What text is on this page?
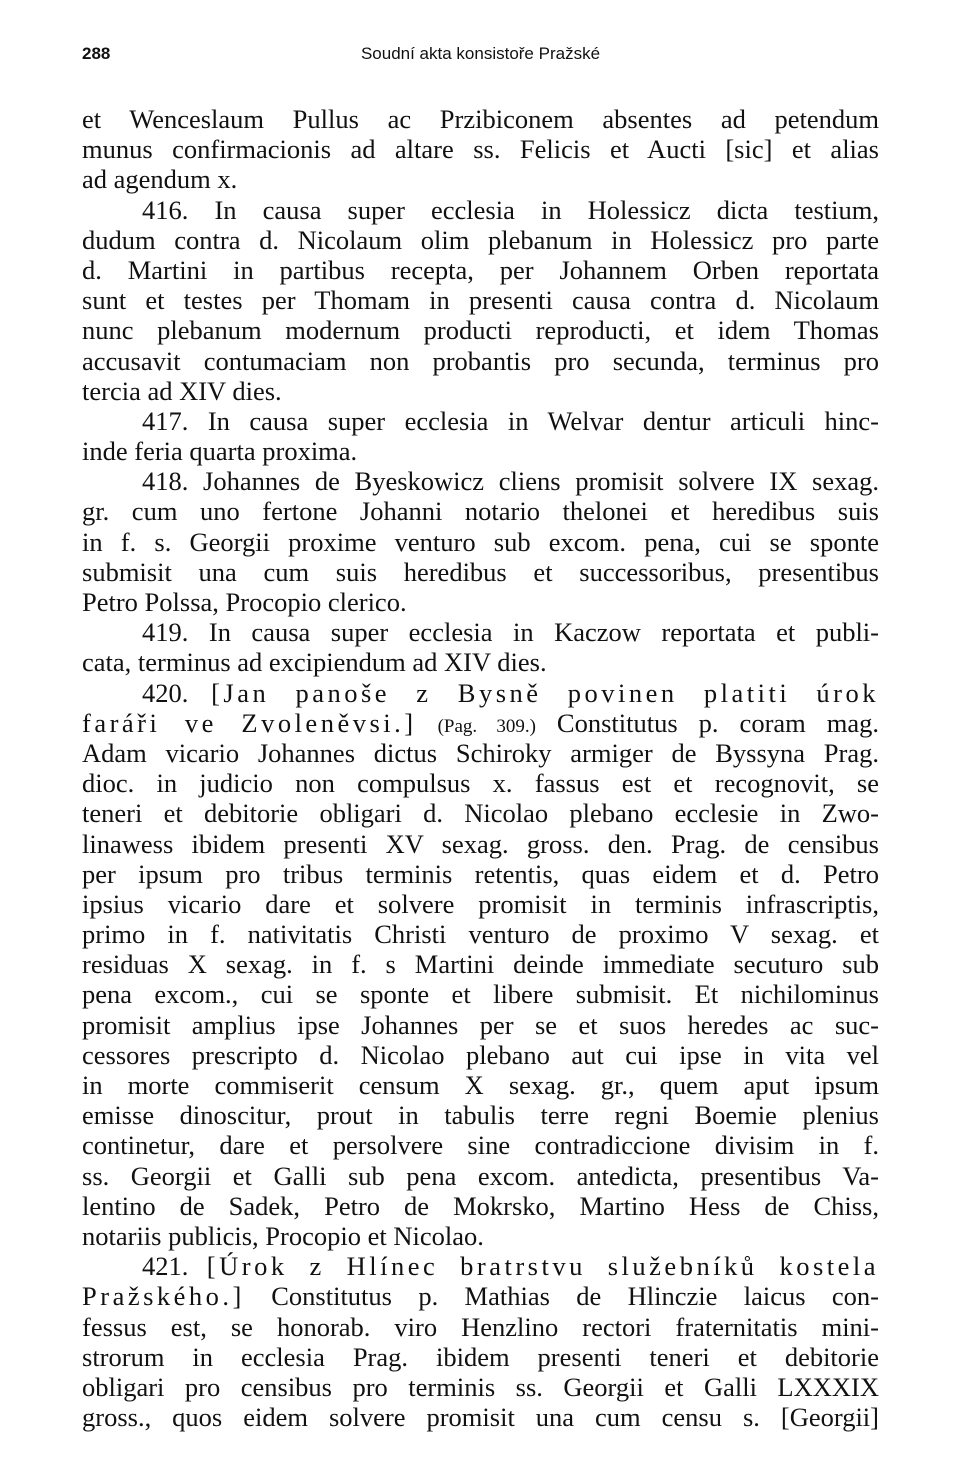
288	Soudní akta konsistoře Pražské
et Wenceslaum Pullus ac Przibiconem absentes ad petendum
munus confirmacionis ad altare ss. Felicis et Aucti [sic] et alias
ad agendum x.
416. In causa super ecclesia in Holessicz dicta testium,
dudum contra d. Nicolaum olim plebanum in Holessicz pro parte
d. Martini in partibus recepta, per Johannem Orben reportata
sunt et testes per Thomam in presenti causa contra d. Nicolaum
nunc plebanum modernum producti reproducti, et idem Thomas
accusavit contumaciam non probantis pro secunda, terminus pro
tercia ad XIV dies.
417. In causa super ecclesia in Welvar dentur articuli hinc-
inde feria quarta proxima.
418. Johannes de Byeskowicz cliens promisit solvere IX sexag.
gr. cum uno fertone Johanni notario thelonei et heredibus suis
in f. s. Georgii proxime venturo sub excom. pena, cui se sponte
submisit una cum suis heredibus et successoribus, presentibus
Petro Polssa, Procopio clerico.
419. In causa super ecclesia in Kaczow reportata et publi-
cata, terminus ad excipiendum ad XIV dies.
420. [Jan panoše z Bysně povinen platiti úrok
faráři ve Zvoleněvsi.] (Pag. 309.) Constitutus p. coram mag.
Adam vicario Johannes dictus Schiroky armiger de Byssyna Prag.
dioc. in judicio non compulsus x. fassus est et recognovit, se
teneri et debitorie obligari d. Nicolao plebano ecclesie in Zwo-
linawess ibidem presenti XV sexag. gross. den. Prag. de censibus
per ipsum pro tribus terminis retentis, quas eidem et d. Petro
ipsius vicario dare et solvere promisit in terminis infrascriptis,
primo in f. nativitatis Christi venturo de proximo V sexag. et
residuas X sexag. in f. s Martini deinde immediate secuturo sub
pena excom., cui se sponte et libere submisit. Et nichilominus
promisit amplius ipse Johannes per se et suos heredes ac suc-
cessores prescripto d. Nicolao plebano aut cui ipse in vita vel
in morte commiserit censum X sexag. gr., quem aput ipsum
emisse dinoscitur, prout in tabulis terre regni Boemie plenius
continetur, dare et persolvere sine contradiccione divisim in f.
ss. Georgii et Galli sub pena excom. antedicta, presentibus Va-
lentino de Sadek, Petro de Mokrsko, Martino Hess de Chiss,
notariis publicis, Procopio et Nicolao.
421. [Úrok z Hlínec bratrstvu služebníků kostela
Pražského.] Constitutus p. Mathias de Hlinczie laicus con-
fessus est, se honorab. viro Henzlino rectori fraternitatis mini-
strorum in ecclesia Prag. ibidem presenti teneri et debitorie
obligari pro censibus pro terminis ss. Georgii et Galli LXXXIX
gross., quos eidem solvere promisit una cum censu s. [Georgii]
